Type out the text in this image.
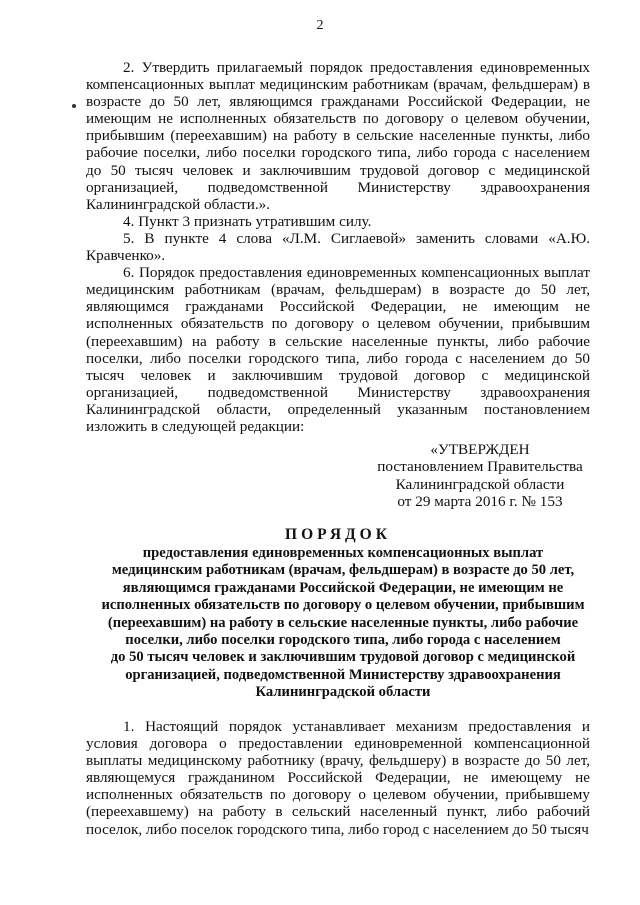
2

2. Утвердить прилагаемый порядок предоставления единовременных компенсационных выплат медицинским работникам (врачам, фельдшерам) в возрасте до 50 лет, являющимся гражданами Российской Федерации, не имеющим не исполненных обязательств по договору о целевом обучении, прибывшим (переехавшим) на работу в сельские населенные пункты, либо рабочие поселки, либо поселки городского типа, либо города с населением до 50 тысяч человек и заключившим трудовой договор с медицинской организацией, подведомственной Министерству здравоохранения Калининградской области.».

4. Пункт 3 признать утратившим силу.

5. В пункте 4 слова «Л.М. Сиглаевой» заменить словами «А.Ю. Кравченко».

6. Порядок предоставления единовременных компенсационных выплат медицинским работникам (врачам, фельдшерам) в возрасте до 50 лет, являющимся гражданами Российской Федерации, не имеющим не исполненных обязательств по договору о целевом обучении, прибывшим (переехавшим) на работу в сельские населенные пункты, либо рабочие поселки, либо поселки городского типа, либо города с населением до 50 тысяч человек и заключившим трудовой договор с медицинской организацией, подведомственной Министерству здравоохранения Калининградской области, определенный указанным постановлением изложить в следующей редакции:

«УТВЕРЖДЕН
постановлением Правительства
Калининградской области
от 29 марта 2016 г. № 153
ПОРЯДОК
предоставления единовременных компенсационных выплат
медицинским работникам (врачам, фельдшерам) в возрасте до 50 лет,
являющимся гражданами Российской Федерации, не имеющим не
исполненных обязательств по договору о целевом обучении, прибывшим
(переехавшим) на работу в сельские населенные пункты, либо рабочие
поселки, либо поселки городского типа, либо города с населением
до 50 тысяч человек и заключившим трудовой договор с медицинской
организацией, подведомственной Министерству здравоохранения
Калининградской области

1. Настоящий порядок устанавливает механизм предоставления и условия договора о предоставлении единовременной компенсационной выплаты медицинскому работнику (врачу, фельдшеру) в возрасте до 50 лет, являющемуся гражданином Российской Федерации, не имеющему не исполненных обязательств по договору о целевом обучении, прибывшему (переехавшему) на работу в сельский населенный пункт, либо рабочий поселок, либо поселок городского типа, либо город с населением до 50 тысяч
